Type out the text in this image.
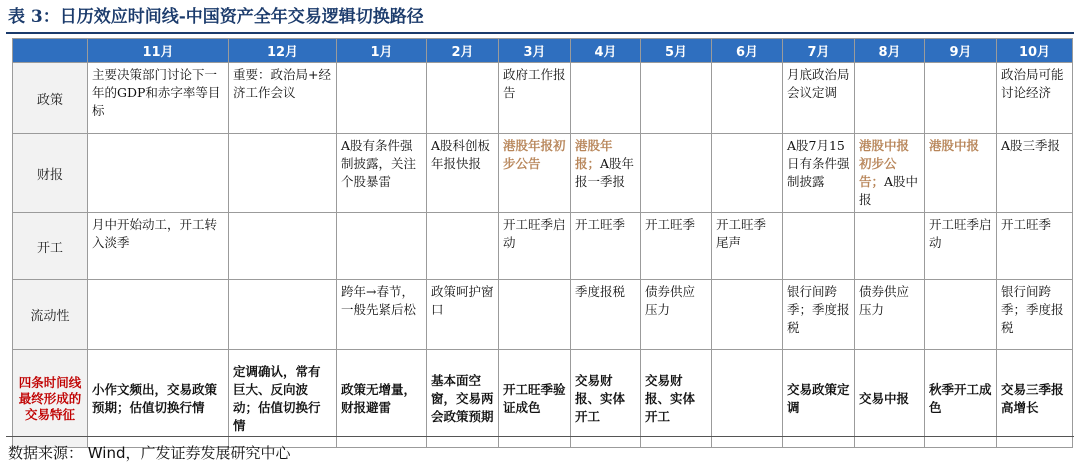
表 3：日历效应时间线-中国资产全年交易逻辑切换路径
	11月	12月	1月	2月	3月	4月	5月	6月	7月	8月	9月	10月
政策	主要决策部门讨论下一年的GDP和赤字率等目标	重要：政治局+经济工作会议			政府工作报告				月底政治局会议定调			政治局可能讨论经济
财报			A股有条件强制披露，关注个股暴雷	A股科创板年报快报	港股年报初步公告	港股年报；A股年报一季报			A股7月15日有条件强制披露	港股中报初步公告；A股中报	港股中报	A股三季报
开工	月中开始动工，开工转入淡季				开工旺季启动	开工旺季	开工旺季	开工旺季尾声			开工旺季启动	开工旺季
流动性			跨年→春节，一般先紧后松	政策呵护窗口		季度报税	债券供应压力		银行间跨季；季度报税	债券供应压力		银行间跨季；季度报税
四条时间线最终形成的交易特征	小作文频出，交易政策预期；估值切换行情	定调确认，常有巨大、反向波动；估值切换行情	政策无增量，财报避雷	基本面空窗，交易两会政策预期	开工旺季验证成色	交易财报、实体开工	交易财报、实体开工		交易政策定调	交易中报	秋季开工成色	交易三季报高增长
数据来源： Wind，广发证券发展研究中心
